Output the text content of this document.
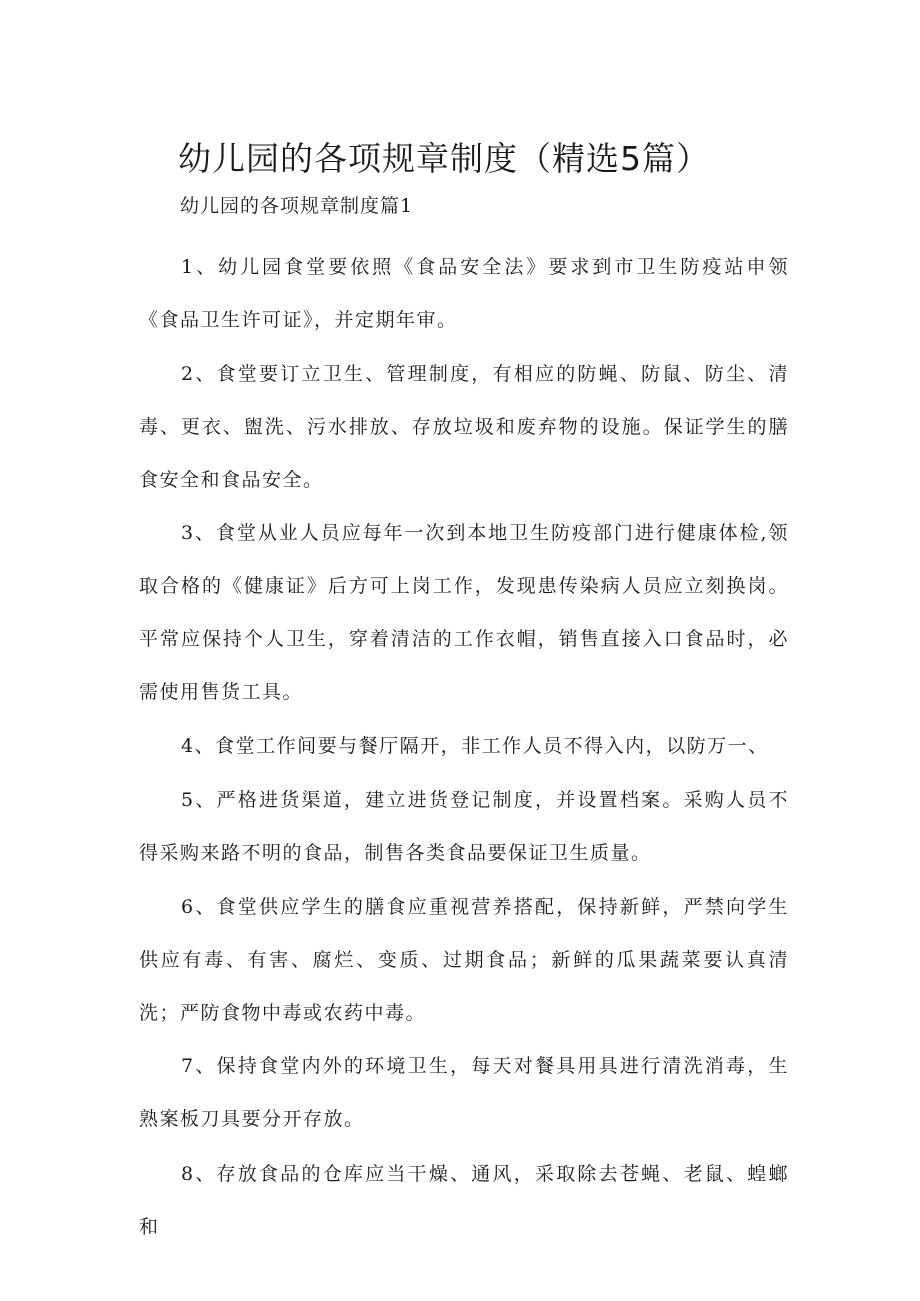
幼儿园的各项规章制度（精选5篇）
幼儿园的各项规章制度篇1

1、幼儿园食堂要依照《食品安全法》要求到市卫生防疫站申领《食品卫生许可证》，并定期年审。

2、食堂要订立卫生、管理制度，有相应的防蝇、防鼠、防尘、清毒、更衣、盥洗、污水排放、存放垃圾和废弃物的设施。保证学生的膳食安全和食品安全。

3、食堂从业人员应每年一次到本地卫生防疫部门进行健康体检,领取合格的《健康证》后方可上岗工作，发现患传染病人员应立刻换岗。平常应保持个人卫生，穿着清洁的工作衣帽，销售直接入口食品时，必需使用售货工具。

4、食堂工作间要与餐厅隔开，非工作人员不得入内，以防万一、

5、严格进货渠道，建立进货登记制度，并设置档案。采购人员不得采购来路不明的食品，制售各类食品要保证卫生质量。

6、食堂供应学生的膳食应重视营养搭配，保持新鲜，严禁向学生供应有毒、有害、腐烂、变质、过期食品；新鲜的瓜果蔬菜要认真清洗；严防食物中毒或农药中毒。

7、保持食堂内外的环境卫生，每天对餐具用具进行清洗消毒，生熟案板刀具要分开存放。

8、存放食品的仓库应当干燥、通风，采取除去苍蝇、老鼠、蝗螂和
